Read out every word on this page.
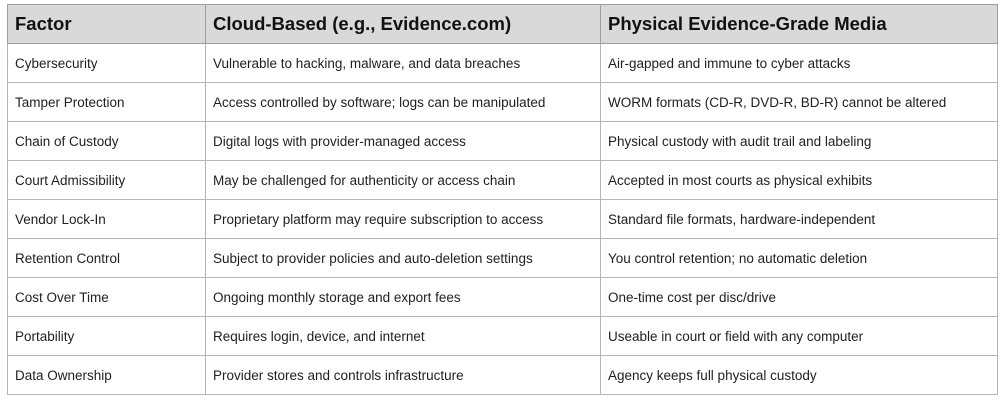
Factor	Cloud-Based (e.g., Evidence.com)	Physical Evidence-Grade Media
Cybersecurity	Vulnerable to hacking, malware, and data breaches	Air-gapped and immune to cyber attacks
Tamper Protection	Access controlled by software; logs can be manipulated	WORM formats (CD-R, DVD-R, BD-R) cannot be altered
Chain of Custody	Digital logs with provider-managed access	Physical custody with audit trail and labeling
Court Admissibility	May be challenged for authenticity or access chain	Accepted in most courts as physical exhibits
Vendor Lock-In	Proprietary platform may require subscription to access	Standard file formats, hardware-independent
Retention Control	Subject to provider policies and auto-deletion settings	You control retention; no automatic deletion
Cost Over Time	Ongoing monthly storage and export fees	One-time cost per disc/drive
Portability	Requires login, device, and internet	Useable in court or field with any computer
Data Ownership	Provider stores and controls infrastructure	Agency keeps full physical custody
